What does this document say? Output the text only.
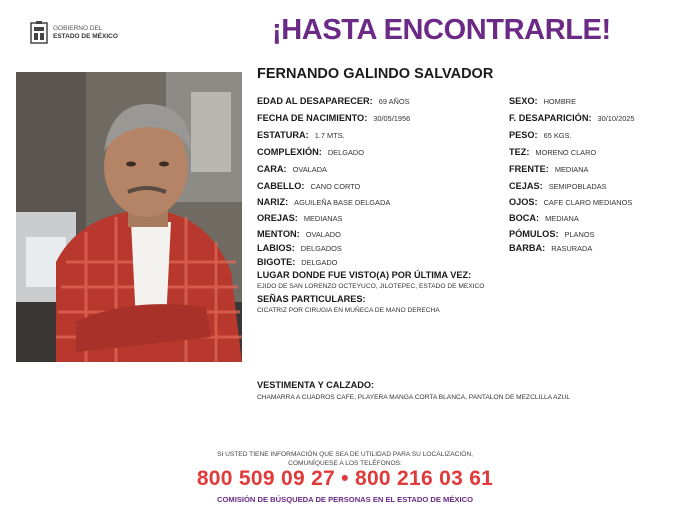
GOBIERNO DEL
ESTADO DE MÉXICO	¡HASTA ENCONTRARLE!
FERNANDO GALINDO SALVADOR
EDAD AL DESAPARECER: 69 AÑOS
FECHA DE NACIMIENTO: 30/05/1956
ESTATURA: 1.7 MTS.
COMPLEXIÓN: DELGADO
CARA: OVALADA
CABELLO: CANO CORTO
NARIZ: AGUILEÑA BASE DELGADA
OREJAS: MEDIANAS
MENTON: OVALADO
LABIOS: DELGADOS
BIGOTE: DELGADO
SEXO: HOMBRE
F. DESAPARICIÓN: 30/10/2025
PESO: 65 KGS.
TEZ: MORENO CLARO
FRENTE: MEDIANA
CEJAS: SEMIPOBLADAS
OJOS: CAFE CLARO MEDIANOS
BOCA: MEDIANA
PÓMULOS: PLANOS
BARBA: RASURADA
LUGAR DONDE FUE VISTO(A) POR ÚLTIMA VEZ:
EJIDO DE SAN LORENZO OCTEYUCO, JILOTEPEC, ESTADO DE MEXICO
SEÑAS PARTICULARES:
CICATRIZ POR CIRUGIA EN MUÑECA DE MANO DERECHA
VESTIMENTA Y CALZADO:
CHAMARRA A CUADROS CAFE, PLAYERA MANGA CORTA BLANCA, PANTALON DE MEZCLILLA AZUL
SI USTED TIENE INFORMACIÓN QUE SEA DE UTILIDAD PARA SU LOCALIZACIÓN,
COMUNÍQUESE A LOS TELÉFONOS:
800 509 09 27 • 800 216 03 61
COMISIÓN DE BÚSQUEDA DE PERSONAS EN EL ESTADO DE MÉXICO
